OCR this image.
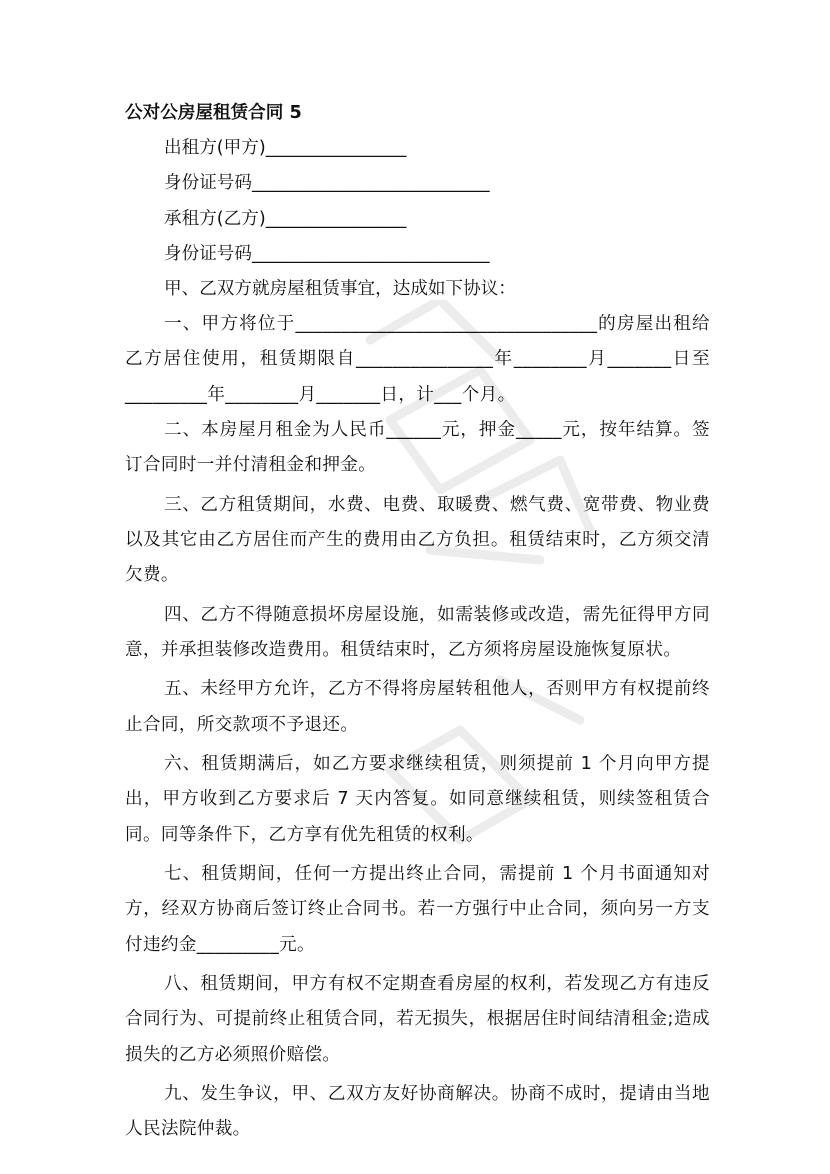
公对公房屋租赁合同 5

出租方(甲方)________________

身份证号码___________________________

承租方(乙方)________________

身份证号码___________________________

甲、乙双方就房屋租赁事宜，达成如下协议：

一、甲方将位于_________________________________的房屋出租给乙方居住使用，租赁期限自_______________年________月_______日至_________年________月_______日，计___个月。

二、本房屋月租金为人民币______元，押金_____元，按年结算。签订合同时一并付清租金和押金。

三、乙方租赁期间，水费、电费、取暖费、燃气费、宽带费、物业费以及其它由乙方居住而产生的费用由乙方负担。租赁结束时，乙方须交清欠费。

四、乙方不得随意损坏房屋设施，如需装修或改造，需先征得甲方同意，并承担装修改造费用。租赁结束时，乙方须将房屋设施恢复原状。

五、未经甲方允许，乙方不得将房屋转租他人，否则甲方有权提前终止合同，所交款项不予退还。

六、租赁期满后，如乙方要求继续租赁，则须提前 1 个月向甲方提出，甲方收到乙方要求后 7 天内答复。如同意继续租赁，则续签租赁合同。同等条件下，乙方享有优先租赁的权利。

七、租赁期间，任何一方提出终止合同，需提前 1 个月书面通知对方，经双方协商后签订终止合同书。若一方强行中止合同，须向另一方支付违约金_________元。

八、租赁期间，甲方有权不定期查看房屋的权利，若发现乙方有违反合同行为、可提前终止租赁合同，若无损失，根据居住时间结清租金;造成损失的乙方必须照价赔偿。

九、发生争议，甲、乙双方友好协商解决。协商不成时，提请由当地人民法院仲裁。
